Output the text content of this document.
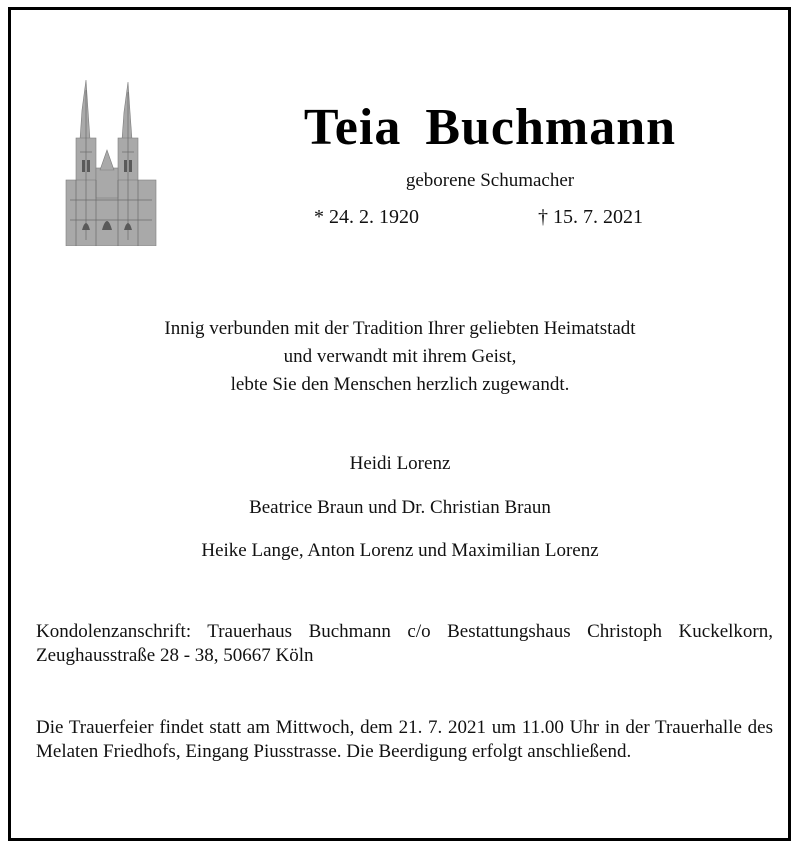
Teia Buchmann
geborene Schumacher
* 24. 2. 1920	† 15. 7. 2021
Innig verbunden mit der Tradition Ihrer geliebten Heimatstadt
und verwandt mit ihrem Geist,
lebte Sie den Menschen herzlich zugewandt.
Heidi Lorenz
Beatrice Braun und Dr. Christian Braun
Heike Lange, Anton Lorenz und Maximilian Lorenz
Kondolenzanschrift: Trauerhaus Buchmann c/o Bestattungshaus Christoph Kuckelkorn, Zeughausstraße 28 - 38, 50667 Köln
Die Trauerfeier findet statt am Mittwoch, dem 21. 7. 2021 um 11.00 Uhr in der Trauerhalle des Melaten Friedhofs, Eingang Piusstrasse. Die Beerdigung erfolgt anschließend.
